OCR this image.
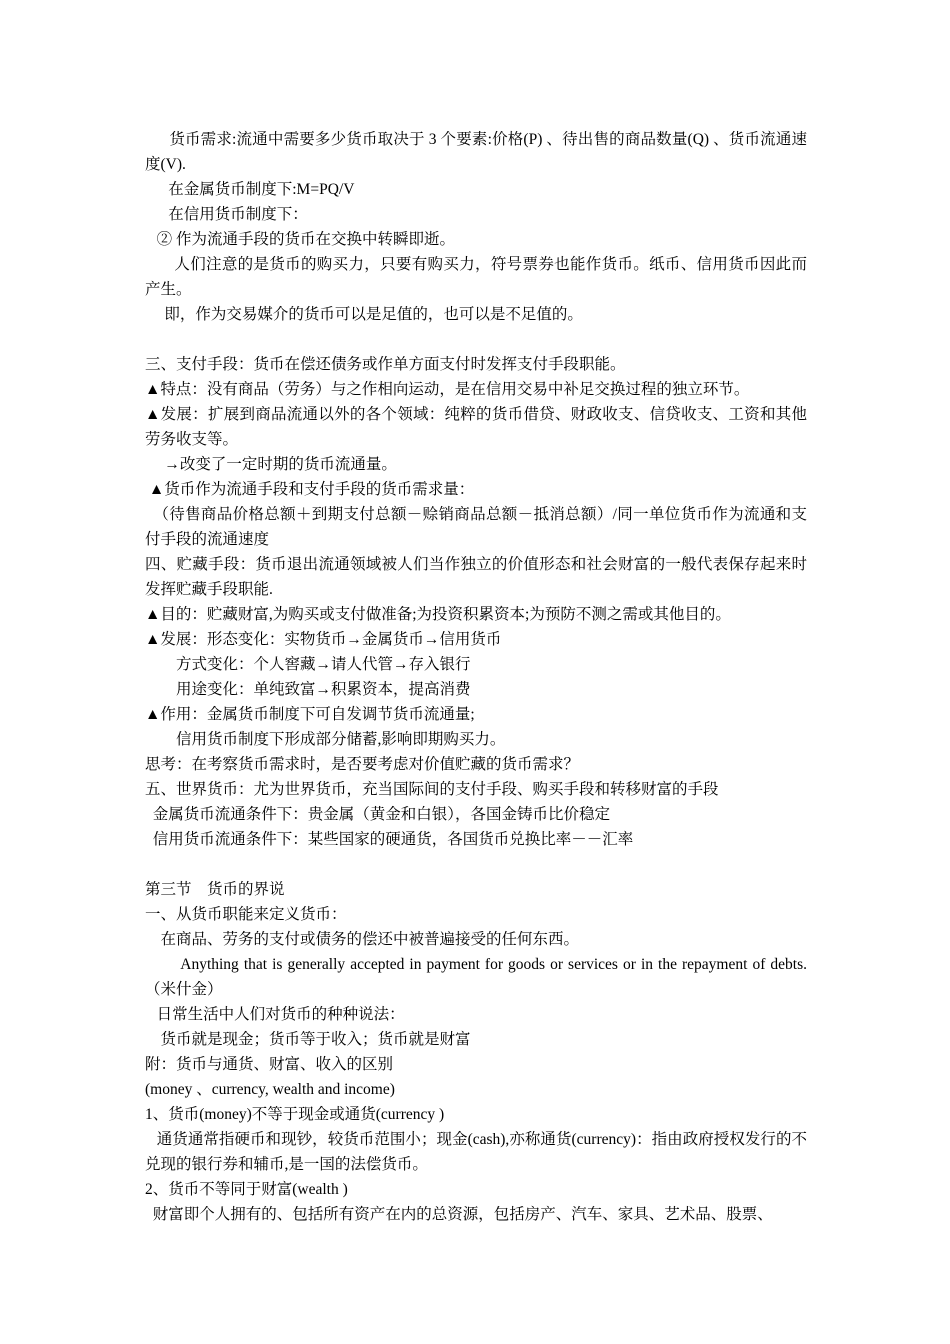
货币需求:流通中需要多少货币取决于 3 个要素:价格(P) 、待出售的商品数量(Q) 、货币流通速度(V).

在金属货币制度下:M=PQ/V

在信用货币制度下：

② 作为流通手段的货币在交换中转瞬即逝。

人们注意的是货币的购买力，只要有购买力，符号票券也能作货币。纸币、信用货币因此而产生。

即，作为交易媒介的货币可以是足值的，也可以是不足值的。

三、支付手段：货币在偿还债务或作单方面支付时发挥支付手段职能。

▲特点：没有商品（劳务）与之作相向运动，是在信用交易中补足交换过程的独立环节。

▲发展：扩展到商品流通以外的各个领域：纯粹的货币借贷、财政收支、信贷收支、工资和其他劳务收支等。

→改变了一定时期的货币流通量。

▲货币作为流通手段和支付手段的货币需求量：

（待售商品价格总额＋到期支付总额－赊销商品总额－抵消总额）/同一单位货币作为流通和支付手段的流通速度

四、贮藏手段：货币退出流通领域被人们当作独立的价值形态和社会财富的一般代表保存起来时发挥贮藏手段职能.

▲目的：贮藏财富,为购买或支付做准备;为投资积累资本;为预防不测之需或其他目的。

▲发展：形态变化：实物货币→金属货币→信用货币

方式变化：个人窖藏→请人代管→存入银行

用途变化：单纯致富→积累资本，提高消费

▲作用：金属货币制度下可自发调节货币流通量;

信用货币制度下形成部分储蓄,影响即期购买力。

思考：在考察货币需求时，是否要考虑对价值贮藏的货币需求？

五、世界货币：尤为世界货币，充当国际间的支付手段、购买手段和转移财富的手段

金属货币流通条件下：贵金属（黄金和白银），各国金铸币比价稳定

信用货币流通条件下：某些国家的硬通货，各国货币兑换比率－－汇率

第三节    货币的界说

一、从货币职能来定义货币：

在商品、劳务的支付或债务的偿还中被普遍接受的任何东西。

Anything that is generally accepted in payment for goods or services or in the repayment of debts.（米什金）

日常生活中人们对货币的种种说法：

货币就是现金；货币等于收入；货币就是财富

附：货币与通货、财富、收入的区别

(money 、currency, wealth and income)

1、货币(money)不等于现金或通货(currency )

通货通常指硬币和现钞，较货币范围小；现金(cash),亦称通货(currency)：指由政府授权发行的不兑现的银行券和辅币,是一国的法偿货币。

2、货币不等同于财富(wealth )

财富即个人拥有的、包括所有资产在内的总资源，包括房产、汽车、家具、艺术品、股票、
